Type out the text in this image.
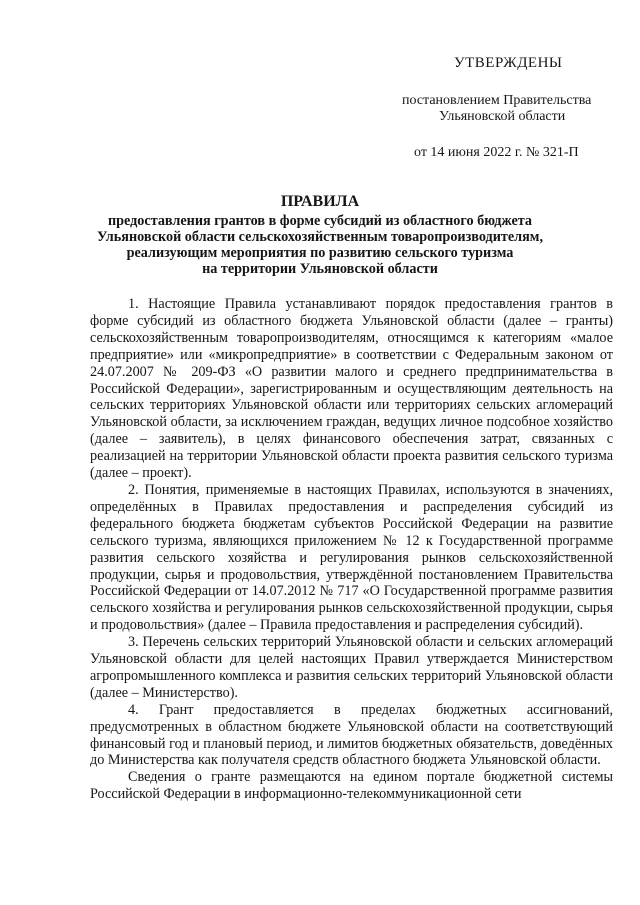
УТВЕРЖДЕНЫ
постановлением Правительства
Ульяновской области
от 14 июня 2022 г. № 321-П
ПРАВИЛА
предоставления грантов в форме субсидий из областного бюджета
Ульяновской области сельскохозяйственным товаропроизводителям,
реализующим мероприятия по развитию сельского туризма
на территории Ульяновской области

1. Настоящие Правила устанавливают порядок предоставления грантов в форме субсидий из областного бюджета Ульяновской области (далее – гранты) сельскохозяйственным товаропроизводителям, относящимся к категориям «малое предприятие» или «микропредприятие» в соответствии с Федеральным законом от 24.07.2007 № 209-ФЗ «О развитии малого и среднего предпринимательства в Российской Федерации», зарегистрированным и осуществляющим деятельность на сельских территориях Ульяновской области или территориях сельских агломераций Ульяновской области, за исключением граждан, ведущих личное подсобное хозяйство (далее – заявитель), в целях финансового обеспечения затрат, связанных с реализацией на территории Ульяновской области проекта развития сельского туризма (далее – проект).

2. Понятия, применяемые в настоящих Правилах, используются в значениях, определённых в Правилах предоставления и распределения субсидий из федерального бюджета бюджетам субъектов Российской Федерации на развитие сельского туризма, являющихся приложением № 12 к Государственной программе развития сельского хозяйства и регулирования рынков сельскохозяйственной продукции, сырья и продовольствия, утверждённой постановлением Правительства Российской Федерации от 14.07.2012 № 717 «О Государственной программе развития сельского хозяйства и регулирования рынков сельскохозяйственной продукции, сырья и продовольствия» (далее – Правила предоставления и распределения субсидий).

3. Перечень сельских территорий Ульяновской области и сельских агломераций Ульяновской области для целей настоящих Правил утверждается Министерством агропромышленного комплекса и развития сельских территорий Ульяновской области (далее – Министерство).

4. Грант предоставляется в пределах бюджетных ассигнований, предусмотренных в областном бюджете Ульяновской области на соответствующий финансовый год и плановый период, и лимитов бюджетных обязательств, доведённых до Министерства как получателя средств областного бюджета Ульяновской области.

Сведения о гранте размещаются на едином портале бюджетной системы Российской Федерации в информационно-телекоммуникационной сети
